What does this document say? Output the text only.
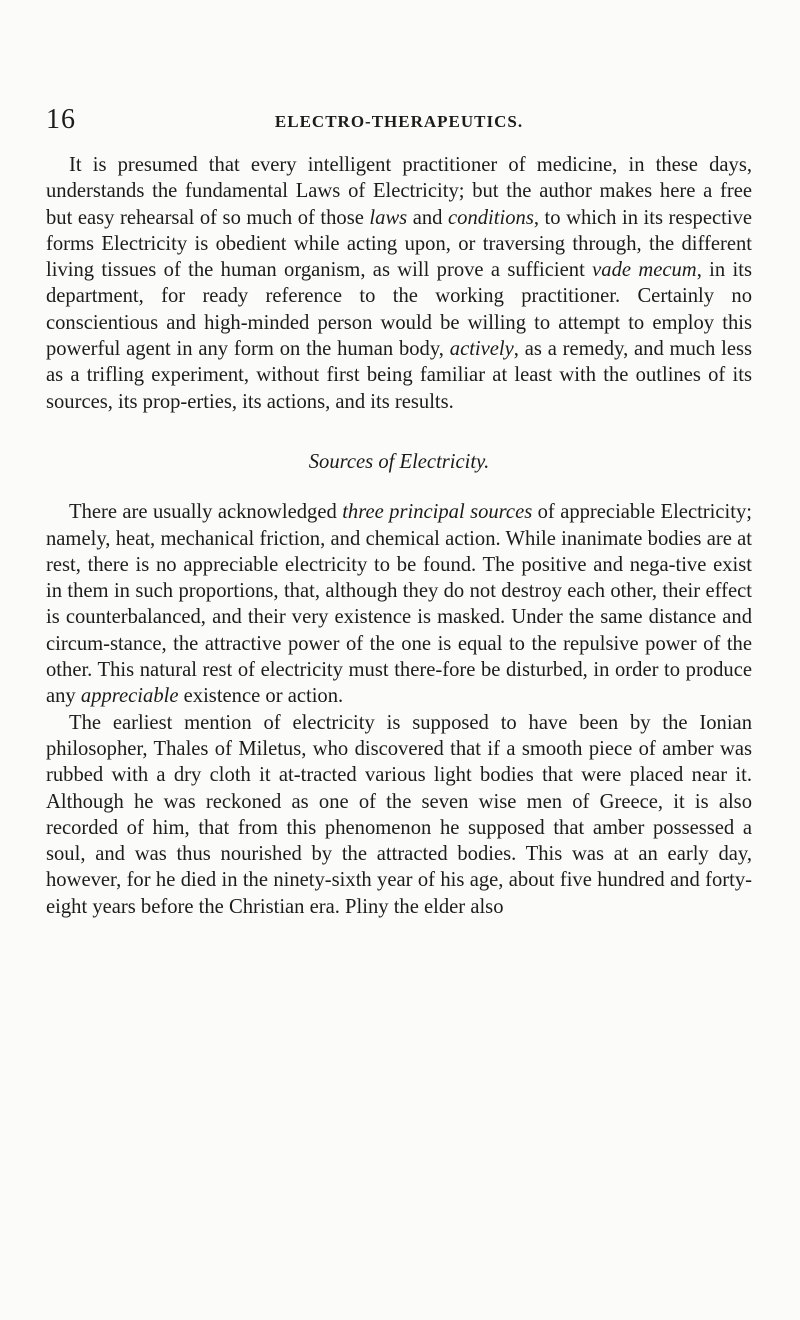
16	ELECTRO-THERAPEUTICS.

It is presumed that every intelligent practitioner of medicine, in these days, understands the fundamental Laws of Electricity; but the author makes here a free but easy rehearsal of so much of those laws and conditions, to which in its respective forms Electricity is obedient while acting upon, or traversing through, the different living tissues of the human organism, as will prove a sufficient vade mecum, in its department, for ready reference to the working practitioner. Certainly no conscientious and high-minded person would be willing to attempt to employ this powerful agent in any form on the human body, actively, as a remedy, and much less as a trifling experiment, without first being familiar at least with the outlines of its sources, its prop-erties, its actions, and its results.

Sources of Electricity.

There are usually acknowledged three principal sources of appreciable Electricity; namely, heat, mechanical friction, and chemical action. While inanimate bodies are at rest, there is no appreciable electricity to be found. The positive and nega-tive exist in them in such proportions, that, although they do not destroy each other, their effect is counterbalanced, and their very existence is masked. Under the same distance and circum-stance, the attractive power of the one is equal to the repulsive power of the other. This natural rest of electricity must there-fore be disturbed, in order to produce any appreciable existence or action.

The earliest mention of electricity is supposed to have been by the Ionian philosopher, Thales of Miletus, who discovered that if a smooth piece of amber was rubbed with a dry cloth it at-tracted various light bodies that were placed near it. Although he was reckoned as one of the seven wise men of Greece, it is also recorded of him, that from this phenomenon he supposed that amber possessed a soul, and was thus nourished by the attracted bodies. This was at an early day, however, for he died in the ninety-sixth year of his age, about five hundred and forty-eight years before the Christian era. Pliny the elder also
